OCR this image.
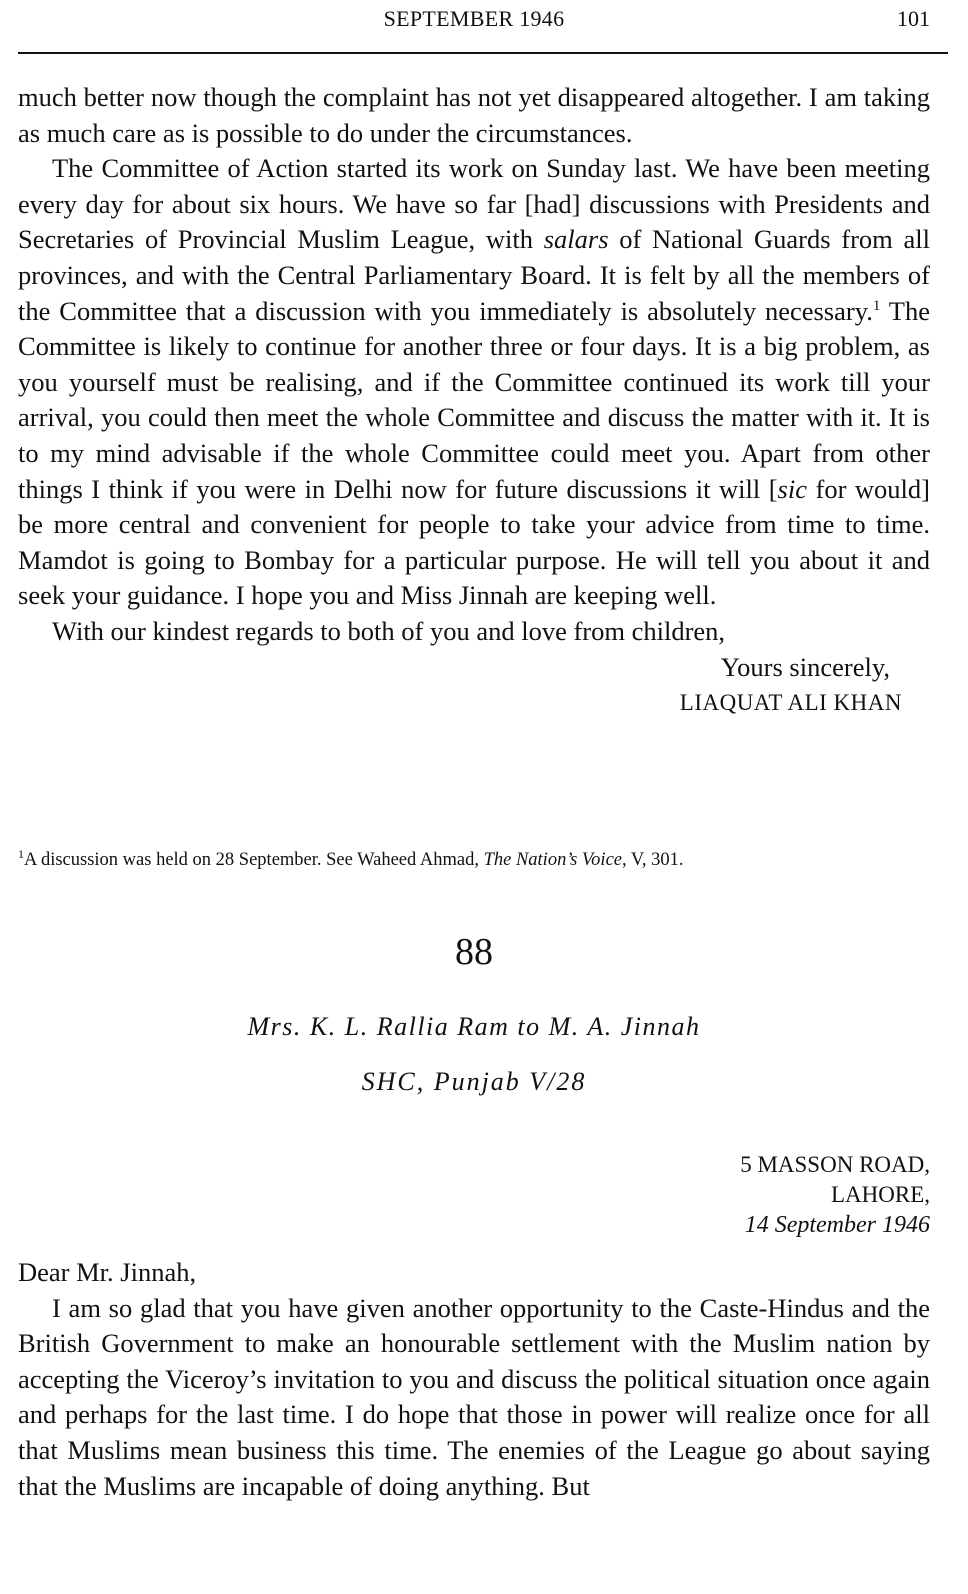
SEPTEMBER 1946	101

much better now though the complaint has not yet disappeared altogether. I am taking as much care as is possible to do under the circumstances.

The Committee of Action started its work on Sunday last. We have been meeting every day for about six hours. We have so far [had] discussions with Presidents and Secretaries of Provincial Muslim League, with salars of National Guards from all provinces, and with the Central Parliamentary Board. It is felt by all the members of the Committee that a discussion with you immediately is absolutely necessary.$^1$ The Committee is likely to continue for another three or four days. It is a big problem, as you yourself must be realising, and if the Committee continued its work till your arrival, you could then meet the whole Committee and discuss the matter with it. It is to my mind advisable if the whole Committee could meet you. Apart from other things I think if you were in Delhi now for future discussions it will [sic for would] be more central and convenient for people to take your advice from time to time. Mamdot is going to Bombay for a particular purpose. He will tell you about it and seek your guidance. I hope you and Miss Jinnah are keeping well.

With our kindest regards to both of you and love from children,

Yours sincerely,

LIAQUAT ALI KHAN

$^1$A discussion was held on 28 September. See Waheed Ahmad, The Nation’s Voice, V, 301.
88
Mrs. K. L. Rallia Ram to M. A. Jinnah
SHC, Punjab V/28
5 MASSON ROAD,
LAHORE,
14 September 1946

Dear Mr. Jinnah,

I am so glad that you have given another opportunity to the Caste-Hindus and the British Government to make an honourable settlement with the Muslim nation by accepting the Viceroy’s invitation to you and discuss the political situation once again and perhaps for the last time. I do hope that those in power will realize once for all that Muslims mean business this time. The enemies of the League go about saying that the Muslims are incapable of doing anything. But
